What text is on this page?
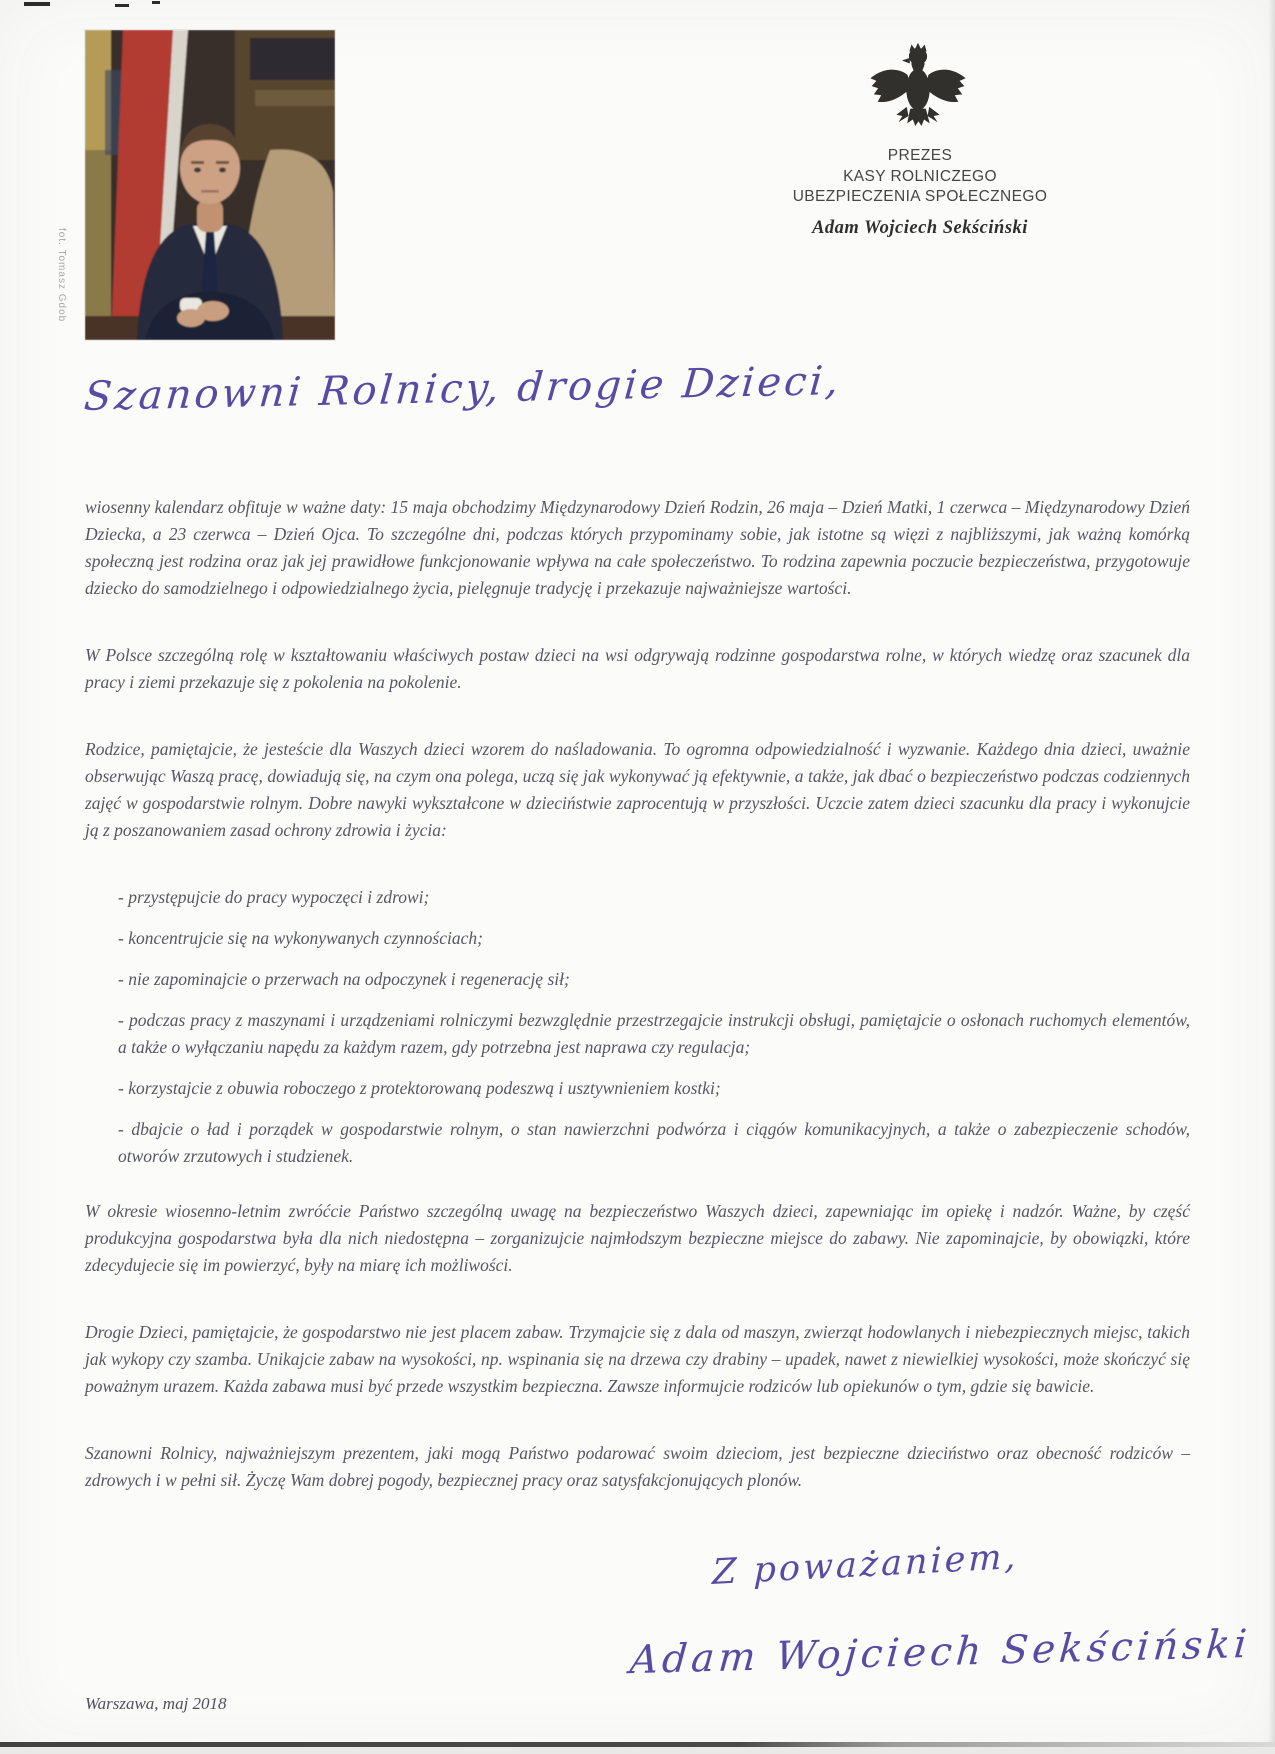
fot. Tomasz Gdob
PREZES
KASY ROLNICZEGO
UBEZPIECZENIA SPOŁECZNEGO
Adam Wojciech Sekściński
Szanowni Rolnicy, drogie Dzieci,

wiosenny kalendarz obfituje w ważne daty: 15 maja obchodzimy Międzynarodowy Dzień Rodzin, 26 maja – Dzień Matki, 1 czerwca – Międzynarodowy Dzień Dziecka, a 23 czerwca – Dzień Ojca. To szczególne dni, podczas których przypominamy sobie, jak istotne są więzi z najbliższymi, jak ważną komórką społeczną jest rodzina oraz jak jej prawidłowe funkcjonowanie wpływa na całe społeczeństwo. To rodzina zapewnia poczucie bezpieczeństwa, przygotowuje dziecko do samodzielnego i odpowiedzialnego życia, pielęgnuje tradycję i przekazuje najważniejsze wartości.

W Polsce szczególną rolę w kształtowaniu właściwych postaw dzieci na wsi odgrywają rodzinne gospodarstwa rolne, w których wiedzę oraz szacunek dla pracy i ziemi przekazuje się z pokolenia na pokolenie.

Rodzice, pamiętajcie, że jesteście dla Waszych dzieci wzorem do naśladowania. To ogromna odpowiedzialność i wyzwanie. Każdego dnia dzieci, uważnie obserwując Waszą pracę, dowiadują się, na czym ona polega, uczą się jak wykonywać ją efektywnie, a także, jak dbać o bezpieczeństwo podczas codziennych zajęć w gospodarstwie rolnym. Dobre nawyki wykształcone w dzieciństwie zaprocentują w przyszłości. Uczcie zatem dzieci szacunku dla pracy i wykonujcie ją z poszanowaniem zasad ochrony zdrowia i życia:

- przystępujcie do pracy wypoczęci i zdrowi;

- koncentrujcie się na wykonywanych czynnościach;

- nie zapominajcie o przerwach na odpoczynek i regenerację sił;

- podczas pracy z maszynami i urządzeniami rolniczymi bezwzględnie przestrzegajcie instrukcji obsługi, pamiętajcie o osłonach ruchomych elementów, a także o wyłączaniu napędu za każdym razem, gdy potrzebna jest naprawa czy regulacja;

- korzystajcie z obuwia roboczego z protektorowaną podeszwą i usztywnieniem kostki;

- dbajcie o ład i porządek w gospodarstwie rolnym, o stan nawierzchni podwórza i ciągów komunikacyjnych, a także o zabezpieczenie schodów, otworów zrzutowych i studzienek.

W okresie wiosenno-letnim zwróćcie Państwo szczególną uwagę na bezpieczeństwo Waszych dzieci, zapewniając im opiekę i nadzór. Ważne, by część produkcyjna gospodarstwa była dla nich niedostępna – zorganizujcie najmłodszym bezpieczne miejsce do zabawy. Nie zapominajcie, by obowiązki, które zdecydujecie się im powierzyć, były na miarę ich możliwości.

Drogie Dzieci, pamiętajcie, że gospodarstwo nie jest placem zabaw. Trzymajcie się z dala od maszyn, zwierząt hodowlanych i niebezpiecznych miejsc, takich jak wykopy czy szamba. Unikajcie zabaw na wysokości, np. wspinania się na drzewa czy drabiny – upadek, nawet z niewielkiej wysokości, może skończyć się poważnym urazem. Każda zabawa musi być przede wszystkim bezpieczna. Zawsze informujcie rodziców lub opiekunów o tym, gdzie się bawicie.

Szanowni Rolnicy, najważniejszym prezentem, jaki mogą Państwo podarować swoim dzieciom, jest bezpieczne dzieciństwo oraz obecność rodziców – zdrowych i w pełni sił. Życzę Wam dobrej pogody, bezpiecznej pracy oraz satysfakcjonujących plonów.

Z poważaniem,
Adam Wojciech Sekściński
Warszawa, maj 2018
